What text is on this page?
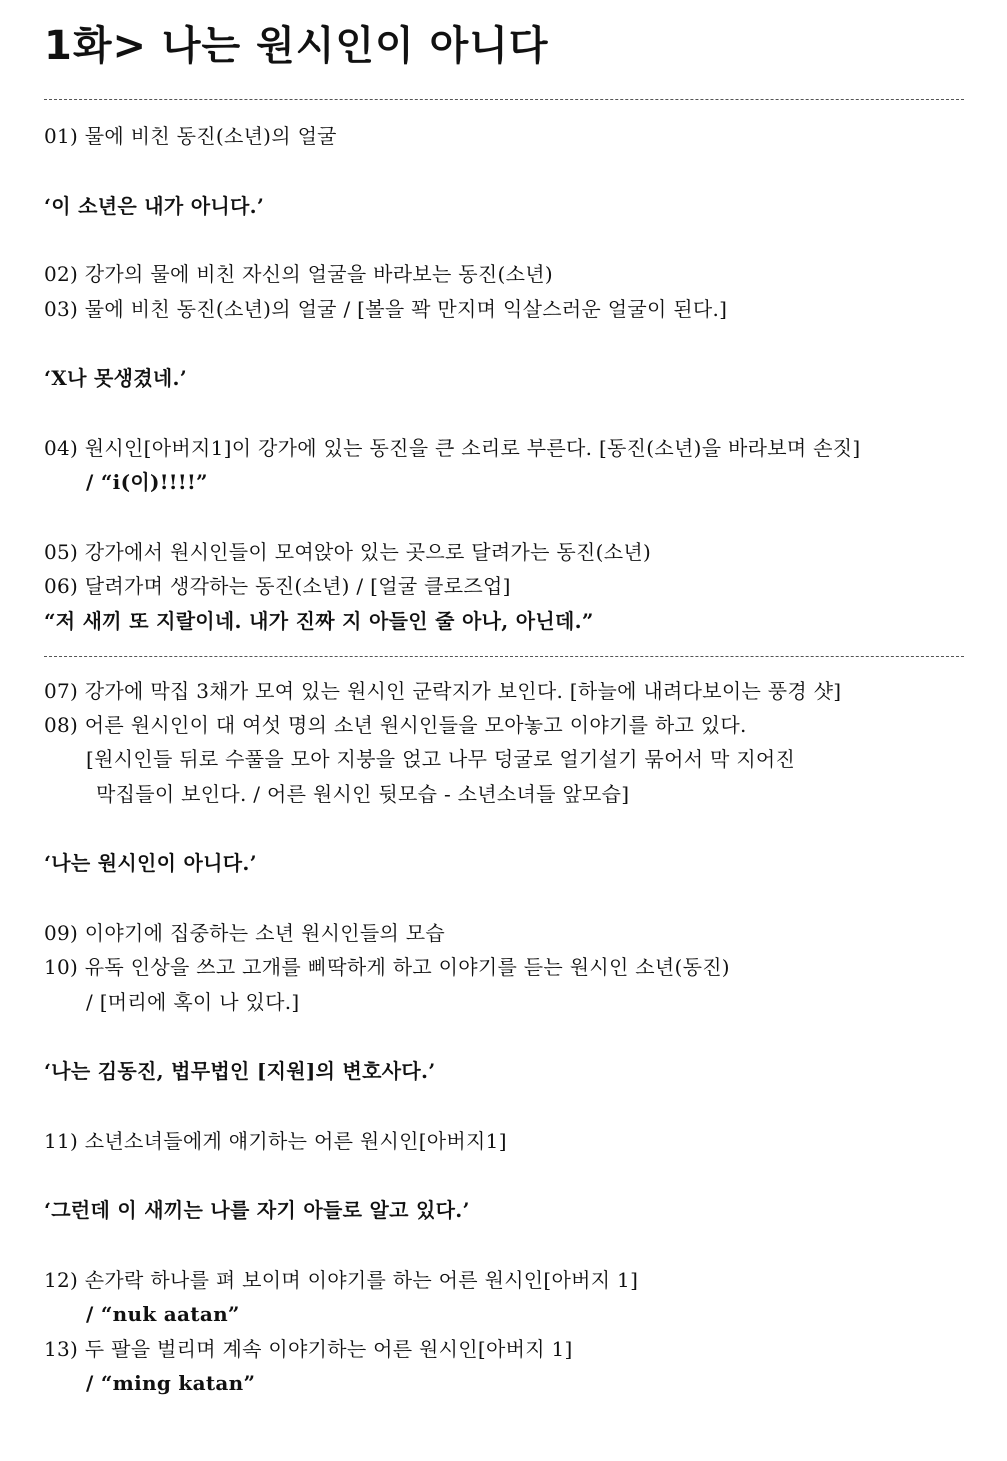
1화> 나는 원시인이 아니다
01) 물에 비친 동진(소년)의 얼굴
‘이 소년은 내가 아니다.’
02) 강가의 물에 비친 자신의 얼굴을 바라보는 동진(소년)
03) 물에 비친 동진(소년)의 얼굴 / [볼을 꽉 만지며 익살스러운 얼굴이 된다.]
‘X나 못생겼네.’
04) 원시인[아버지1]이 강가에 있는 동진을 큰 소리로 부른다. [동진(소년)을 바라보며 손짓]
/ “i(이)!!!!”
05) 강가에서 원시인들이 모여앉아 있는 곳으로 달려가는 동진(소년)
06) 달려가며 생각하는 동진(소년) / [얼굴 클로즈업]
“저 새끼 또 지랄이네. 내가 진짜 지 아들인 줄 아나, 아닌데.”
07) 강가에 막집 3채가 모여 있는 원시인 군락지가 보인다. [하늘에 내려다보이는 풍경 샷]
08) 어른 원시인이 대 여섯 명의 소년 원시인들을 모아놓고 이야기를 하고 있다.
[원시인들 뒤로 수풀을 모아 지붕을 얹고 나무 덩굴로 얼기설기 묶어서 막 지어진
막집들이 보인다. / 어른 원시인 뒷모습 - 소년소녀들 앞모습]
‘나는 원시인이 아니다.’
09) 이야기에 집중하는 소년 원시인들의 모습
10) 유독 인상을 쓰고 고개를 삐딱하게 하고 이야기를 듣는 원시인 소년(동진)
/ [머리에 혹이 나 있다.]
‘나는 김동진, 법무법인 [지원]의 변호사다.’
11) 소년소녀들에게 얘기하는 어른 원시인[아버지1]
‘그런데 이 새끼는 나를 자기 아들로 알고 있다.’
12) 손가락 하나를 펴 보이며 이야기를 하는 어른 원시인[아버지 1]
/ “nuk aatan”
13) 두 팔을 벌리며 계속 이야기하는 어른 원시인[아버지 1]
/ “ming katan”
